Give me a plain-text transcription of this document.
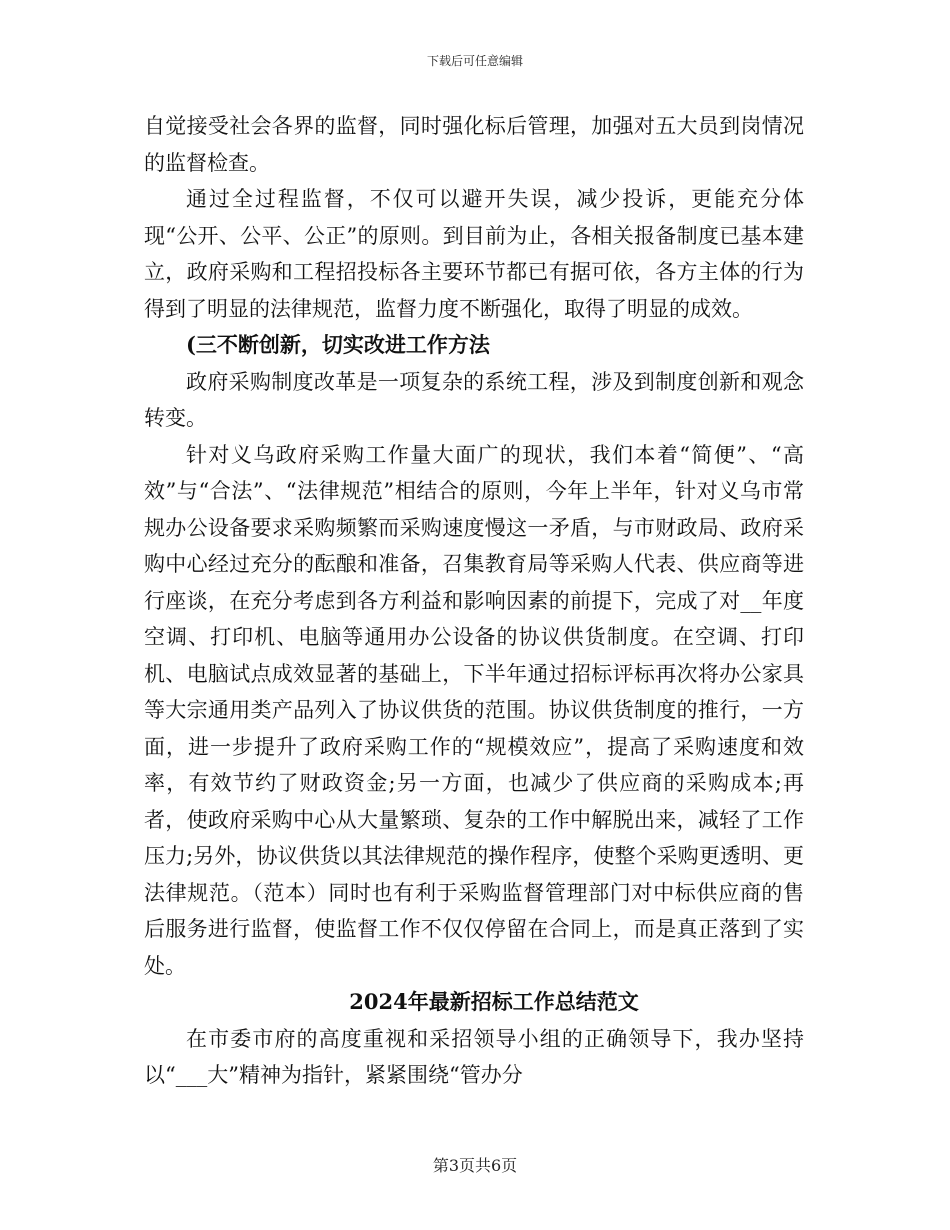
下载后可任意编辑

自觉接受社会各界的监督，同时强化标后管理，加强对五大员到岗情况的监督检查。

通过全过程监督，不仅可以避开失误，减少投诉，更能充分体现“公开、公平、公正”的原则。到目前为止，各相关报备制度已基本建立，政府采购和工程招投标各主要环节都已有据可依，各方主体的行为得到了明显的法律规范，监督力度不断强化，取得了明显的成效。

(三不断创新，切实改进工作方法

政府采购制度改革是一项复杂的系统工程，涉及到制度创新和观念转变。

针对义乌政府采购工作量大面广的现状，我们本着“简便”、“高效”与“合法”、“法律规范”相结合的原则，今年上半年，针对义乌市常规办公设备要求采购频繁而采购速度慢这一矛盾，与市财政局、政府采购中心经过充分的酝酿和准备，召集教育局等采购人代表、供应商等进行座谈，在充分考虑到各方利益和影响因素的前提下，完成了对__年度空调、打印机、电脑等通用办公设备的协议供货制度。在空调、打印机、电脑试点成效显著的基础上，下半年通过招标评标再次将办公家具等大宗通用类产品列入了协议供货的范围。协议供货制度的推行，一方面，进一步提升了政府采购工作的“规模效应”，提高了采购速度和效率，有效节约了财政资金;另一方面，也减少了供应商的采购成本;再者，使政府采购中心从大量繁琐、复杂的工作中解脱出来，减轻了工作压力;另外，协议供货以其法律规范的操作程序，使整个采购更透明、更法律规范。（范本）同时也有利于采购监督管理部门对中标供应商的售后服务进行监督，使监督工作不仅仅停留在合同上，而是真正落到了实处。

2024年最新招标工作总结范文

在市委市府的高度重视和采招领导小组的正确领导下，我办坚持以“___大”精神为指针，紧紧围绕“管办分

第3页共6页
